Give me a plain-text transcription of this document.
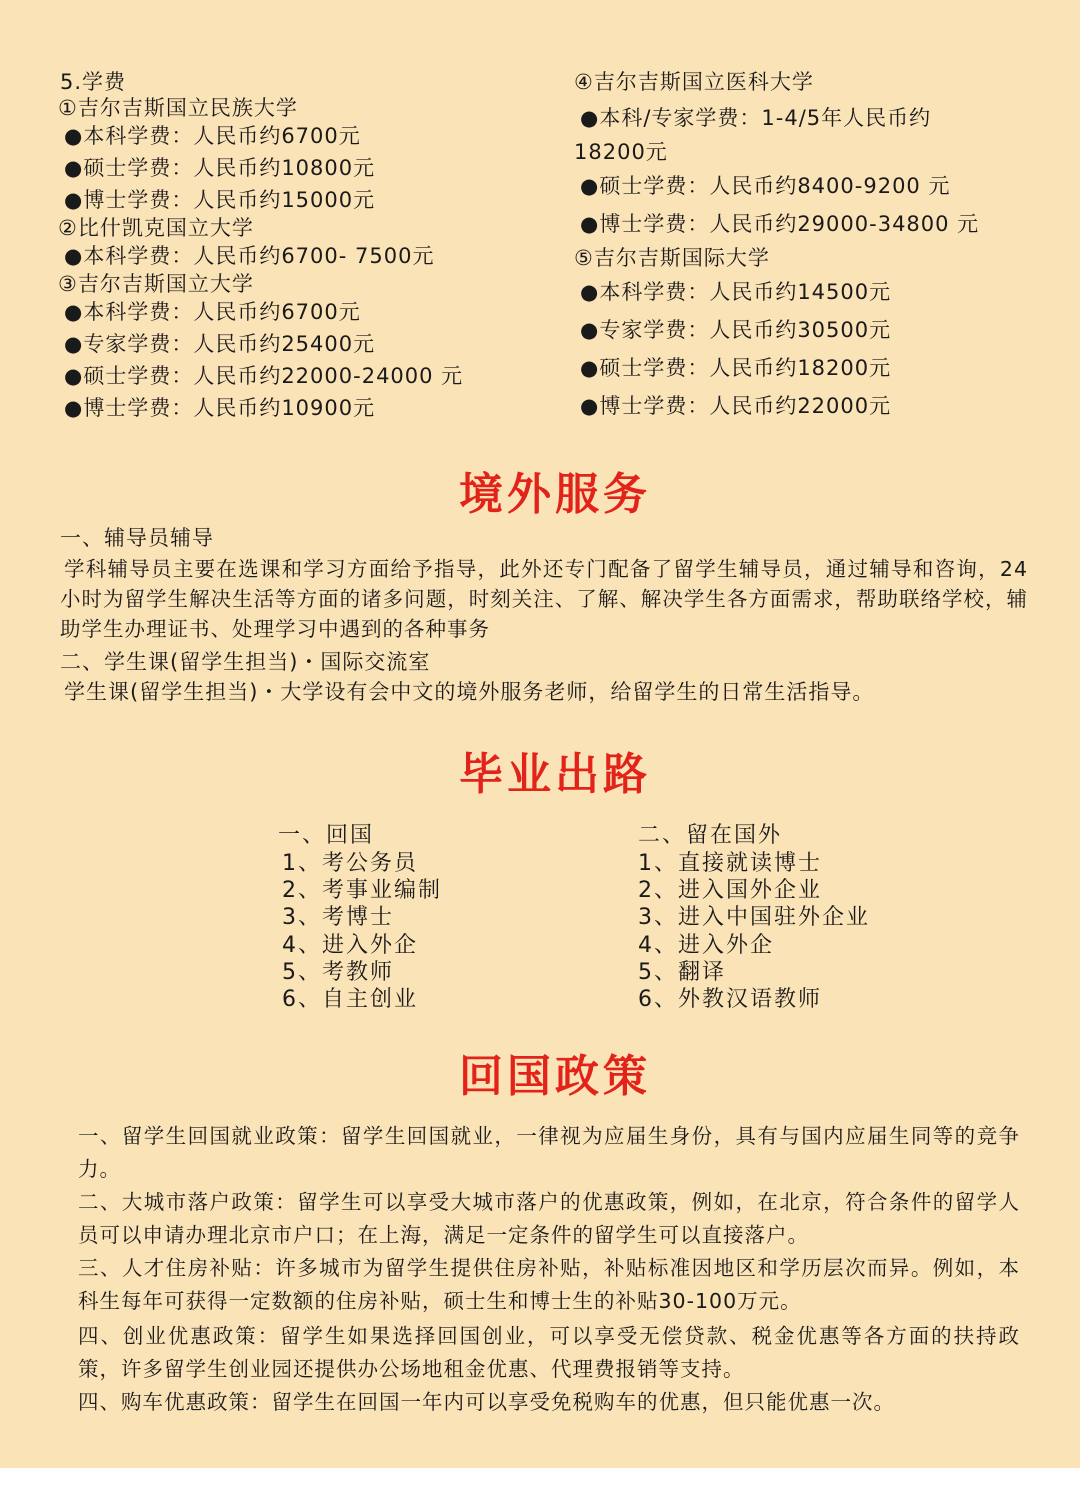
5.学费
①吉尔吉斯国立民族大学
●本科学费：人民币约6700元
●硕士学费：人民币约10800元
●博士学费：人民币约15000元
②比什凯克国立大学
●本科学费：人民币约6700- 7500元
③吉尔吉斯国立大学
●本科学费：人民币约6700元
●专家学费：人民币约25400元
●硕士学费：人民币约22000-24000 元
●博士学费：人民币约10900元
④吉尔吉斯国立医科大学
●本科/专家学费：1-4/5年人民币约
18200元
●硕士学费：人民币约8400-9200 元
●博士学费：人民币约29000-34800 元
⑤吉尔吉斯国际大学
●本科学费：人民币约14500元
●专家学费：人民币约30500元
●硕士学费：人民币约18200元
●博士学费：人民币约22000元
境外服务
一、辅导员辅导
学科辅导员主要在选课和学习方面给予指导，此外还专门配备了留学生辅导员，通过辅导和咨询，24小时为留学生解决生活等方面的诸多问题，时刻关注、了解、解决学生各方面需求，帮助联络学校，辅助学生办理证书、处理学习中遇到的各种事务
二、学生课(留学生担当)・国际交流室
学生课(留学生担当)・大学设有会中文的境外服务老师，给留学生的日常生活指导。
毕业出路
一、回国
1、考公务员
2、考事业编制
3、考博士
4、进入外企
5、考教师
6、自主创业
二、留在国外
1、直接就读博士
2、进入国外企业
3、进入中国驻外企业
4、进入外企
5、翻译
6、外教汉语教师
回国政策
一、留学生回国就业政策：留学生回国就业，一律视为应届生身份，具有与国内应届生同等的竞争力。
二、大城市落户政策：留学生可以享受大城市落户的优惠政策，例如，在北京，符合条件的留学人员可以申请办理北京市户口；在上海，满足一定条件的留学生可以直接落户。
三、人才住房补贴：许多城市为留学生提供住房补贴，补贴标准因地区和学历层次而异。例如，本科生每年可获得一定数额的住房补贴，硕士生和博士生的补贴30-100万元。
四、创业优惠政策：留学生如果选择回国创业，可以享受无偿贷款、税金优惠等各方面的扶持政策，许多留学生创业园还提供办公场地租金优惠、代理费报销等支持。
四、购车优惠政策：留学生在回国一年内可以享受免税购车的优惠，但只能优惠一次。
